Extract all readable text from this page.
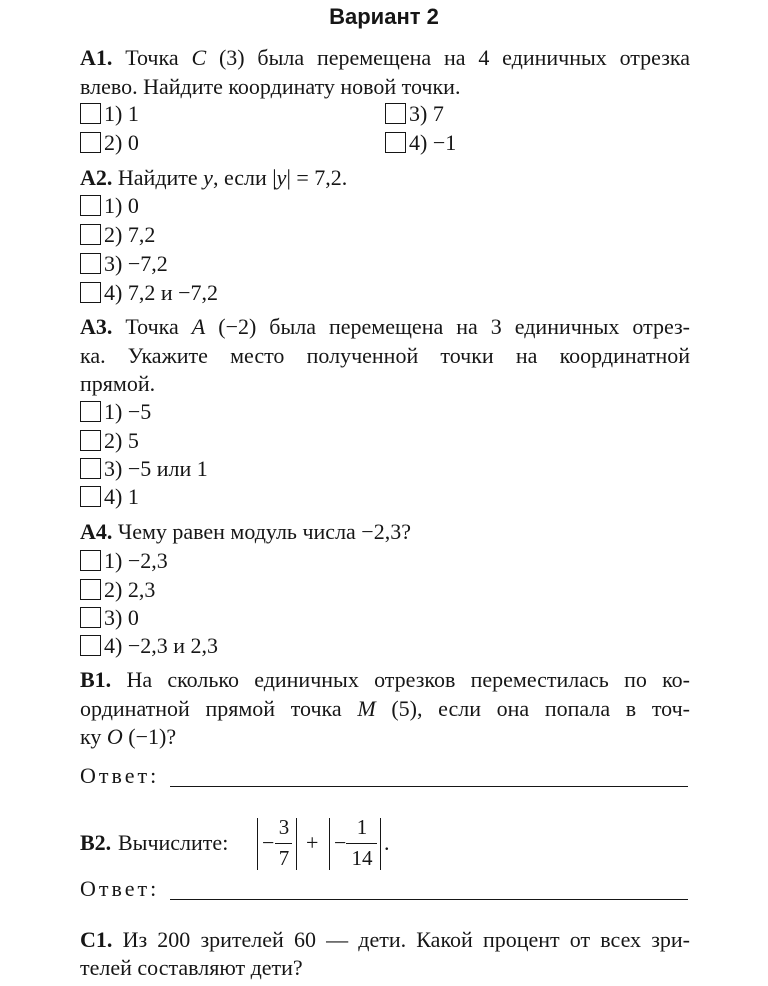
Вариант 2
A1. Точка C (3) была перемещена на 4 единичных отрезка
влево. Найдите координату новой точки.
1) 1	3) 7
2) 0	4) −1
A2. Найдите y, если |y| = 7,2.
1) 0
2) 7,2
3) −7,2
4) 7,2 и −7,2
A3. Точка A (−2) была перемещена на 3 единичных отрез-
ка. Укажите место полученной точки на координатной
прямой.
1) −5
2) 5
3) −5 или 1
4) 1
A4. Чему равен модуль числа −2,3?
1) −2,3
2) 2,3
3) 0
4) −2,3 и 2,3
B1. На сколько единичных отрезков переместилась по ко-
ординатной прямой точка M (5), если она попала в точ-
ку O (−1)?
Ответ:
B2. Вычислите: −
3
7
+ −
1
14
.
Ответ:
C1. Из 200 зрителей 60 — дети. Какой процент от всех зри-
телей составляют дети?
